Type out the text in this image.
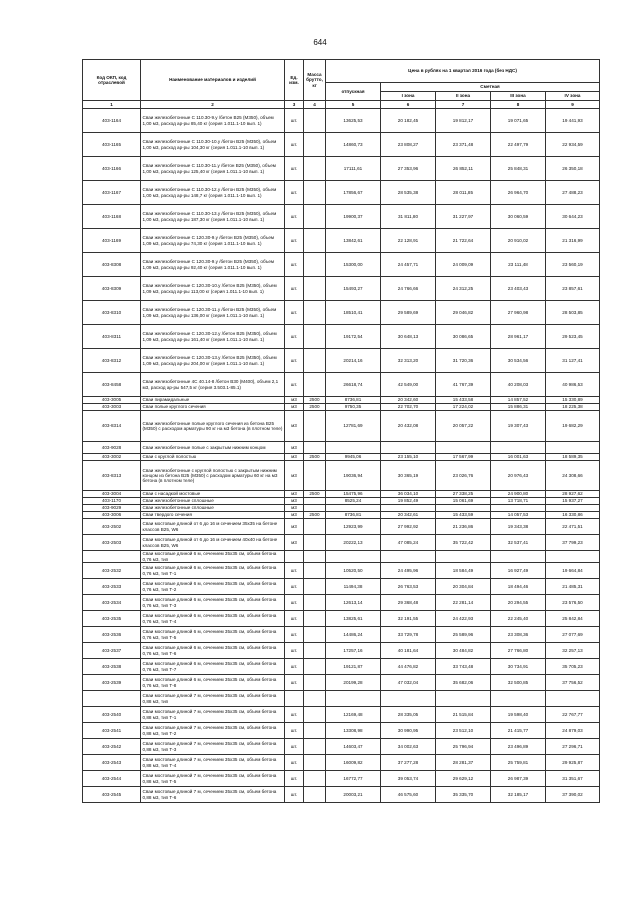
644
Код ОКП, код отраслевой	Наименование материалов и изделий	Ед. изм.	Масса брутто, кг	Цена в рублях на 1 квартал 2016 года (без НДС)				
				отпускная	Сметная			
					I зона	II зона	III зона	IV зона
1	2	3	4	5	6	7	8	9
403-1164	Сваи железобетонные С 110.30-9.у /бетон В25 (М350), объем 1,00 м3, расход ар-ры 85,40 кг (серия 1.011.1-10 вып. 1)	шт.		13625,53	20 182,45	19 812,17	19 071,65	19 441,93
403-1165	Сваи железобетонные С 110.30-10.у /бетон В25 (М350), объем 1,00 м3, расход ар-ры 104,30 кг (серия 1.011.1-10 вып. 1)	шт.		14860,73	23 808,27	23 371,48	22 497,79	22 934,59
403-1166	Сваи железобетонные С 110.30-11.у /бетон В25 (М350), объем 1,00 м3, расход ар-ры 125,40 кг (серия 1.011.1-10 вып. 1)	шт.		17111,61	27 353,96	26 852,11	25 848,31	26 350,18
403-1167	Сваи железобетонные С 110.30-12.у /бетон В25 (М350), объем 1,00 м3, расход ар-ры 148,7 кг (серия 1.011.1-10 вып. 1)	шт.		17856,67	28 535,38	28 011,85	26 964,70	27 488,23
403-1168	Сваи железобетонные С 110.30-13.у /бетон В25 (М350), объем 1,00 м3, расход ар-ры 187,30 кг (серия 1.011.1-10 вып. 1)	шт.		19900,37	31 811,80	31 227,97	30 060,59	30 644,23
403-1169	Сваи железобетонные С 120.30-9.у /бетон В25 (М350), объем 1,09 м3, расход ар-ры 74,30 кг (серия 1.011.1-10 вып. 1)	шт.		13842,61	22 128,91	21 722,64	20 910,02	21 316,99
403-8308	Сваи железобетонные С 120.30-9.у /бетон В25 (М350), объем 1,09 м3, расход ар-ры 92,40 кг (серия 1.011.1-10 вып. 1)	шт.		15300,00	24 457,71	24 009,09	23 111,48	23 560,19
403-8309	Сваи железобетонные С 120.30-10.у /бетон В25 (М350), объем 1,09 м3, расход ар-ры 113,00 кг (серия 1.011.1-10 вып. 1)	шт.		15493,27	24 766,66	24 312,25	23 403,43	23 857,61
403-8310	Сваи железобетонные С 120.30-11.у /бетон В25 (М350), объем 1,09 м3, расход ар-ры 136,00 кг (серия 1.011.1-10 вып. 1)	шт.		18510,41	29 589,69	29 046,82	27 960,98	28 503,85
403-8311	Сваи железобетонные С 120.30-12.у /бетон В25 (М350), объем 1,09 м3, расход ар-ры 161,40 кг (серия 1.011.1-10 вып. 1)	шт.		19172,54	30 648,13	30 086,65	28 961,17	29 523,45
403-8312	Сваи железобетонные С 120.30-13.у /бетон В25 (М350), объем 1,09 м3, расход ар-ры 204,00 кг (серия 1.011.1-10 вып. 1)	шт.		20214,16	32 313,20	31 720,36	30 534,56	31 127,41
403-8458	Сваи железобетонные 4С 40.14-8 /бетон В30 (М400), объем 2,1 м3, расход ар-ры 547,5 кг (серия 3.503.1-85.1)	шт.		26618,74	42 549,00	41 767,39	40 208,03	40 986,53
403-3005	Сваи пирамидальные	м3	2500	8736,81	20 342,60	15 433,58	14 857,52	15 330,89
403-3003	Сваи полые круглого сечения	м3	2500	9750,35	22 702,70	17 224,02	15 886,31	18 225,38
403-8314	Сваи железобетонные полые круглого сечения из бетона В25 (М350) с расходом арматуры 90 кг на м3 бетона (в плотном теле)	м3		12781,69	20 432,08	20 057,22	19 307,43	19 682,29
403-9028	Сваи железобетонные полые с закрытым нижним концом	м3						
403-3002	Сваи с круглой полостью	м3	2500	9945,06	23 155,10	17 567,99	16 001,63	18 589,35
403-8313	Сваи железобетонные с круглой полостью с закрытым нижним концом из бетона В25 (М350) с расходом арматуры 60 кг на м3 бетона (в плотном теле)	м3		19036,94	30 365,19	23 026,76	20 976,43	24 308,66
403-3004	Сваи с насадкой мостовые	м3	2500	15475,96	36 034,10	27 338,25	24 900,80	28 927,62
403-1170	Сваи железобетонные сплошные	м3		8525,24	19 852,49	15 061,69	13 718,71	15 937,27
403-9029	Сваи железобетонные сплошные	м3						
403-3006	Сваи твердого сечения	м3	2500	8736,81	20 342,61	15 433,59	14 057,53	16 330,86
403-2502	Сваи мостовые длиной от 6 до 16 м сечением 35х35 на бетоне классов В25, W6	м3		12923,99	27 992,92	21 236,86	19 343,38	22 471,51
403-2503	Сваи мостовые длиной от 6 до 16 м сечением 40х40 на бетоне классов В25, W6	м3		20222,13	47 085,24	35 722,42	32 537,41	37 799,23
	Сваи мостовые длиной 6 м, сечением 35х35 см, объем бетона 0,76 м3, тип							
403-2532	Сваи мостовые длиной 6 м, сечением 35х35 см, объем бетона 0,76 м3, тип Т-1	шт.		10520,50	24 495,96	18 584,49	16 927,49	19 664,84
403-2533	Сваи мостовые длиной 6 м, сечением 35х35 см, объем бетона 0,76 м3, тип Т-2	шт.		11494,38	26 763,53	20 304,84	18 494,46	21 485,31
403-2534	Сваи мостовые длиной 6 м, сечением 35х35 см, объем бетона 0,76 м3, тип Т-3	шт.		12613,14	29 368,48	22 281,14	20 294,55	23 576,50
403-2535	Сваи мостовые длиной 6 м, сечением 35х35 см, объем бетона 0,76 м3, тип Т-4	шт.		13825,61	32 191,55	24 422,93	22 245,40	25 842,84
403-2536	Сваи мостовые длиной 6 м, сечением 35х35 см, объем бетона 0,76 м3, тип Т-5	шт.		14486,24	33 729,78	25 589,96	23 308,36	27 077,69
403-2537	Сваи мостовые длиной 6 м, сечением 35х35 см, объем бетона 0,76 м3, тип Т-6	шт.		17257,16	40 181,64	30 484,82	27 766,80	32 257,13
403-2538	Сваи мостовые длиной 6 м, сечением 35х35 см, объем бетона 0,76 м3, тип Т-7	шт.		19121,87	44 476,82	33 743,48	30 734,91	35 705,23
403-2539	Сваи мостовые длиной 6 м, сечением 35х35 см, объем бетона 0,76 м3, тип Т-8	шт.		20199,28	47 032,04	35 682,06	32 500,85	37 756,52
	Сваи мостовые длиной 7 м, сечением 35х35 см, объем бетона 0,88 м3, тип							
403-2540	Сваи мостовые длиной 7 м, сечением 35х35 см, объем бетона 0,88 м3, тип Т-1	шт.		12169,48	28 335,05	21 515,84	19 598,40	22 767,77
403-2541	Сваи мостовые длиной 7 м, сечением 35х35 см, объем бетона 0,88 м3, тип Т-2	шт.		13308,98	30 990,95	23 512,10	21 415,77	24 879,03
403-2542	Сваи мостовые длиной 7 м, сечением 35х35 см, объем бетона 0,88 м3, тип Т-3	шт.		14603,47	34 002,63	25 796,94	23 496,89	27 296,71
403-2543	Сваи мостовые длиной 7 м, сечением 35х35 см, объем бетона 0,88 м3, тип Т-4	шт.		16009,82	37 277,28	28 281,37	25 759,81	29 925,87
403-2544	Сваи мостовые длиной 7 м, сечением 35х35 см, объем бетона 0,88 м3, тип Т-5	шт.		16772,77	39 053,74	29 629,12	26 987,39	31 351,67
403-2545	Сваи мостовые длиной 7 м, сечением 35х35 см, объем бетона 0,88 м3, тип Т-6	шт.		20003,21	46 575,60	35 335,70	32 185,17	37 390,02
